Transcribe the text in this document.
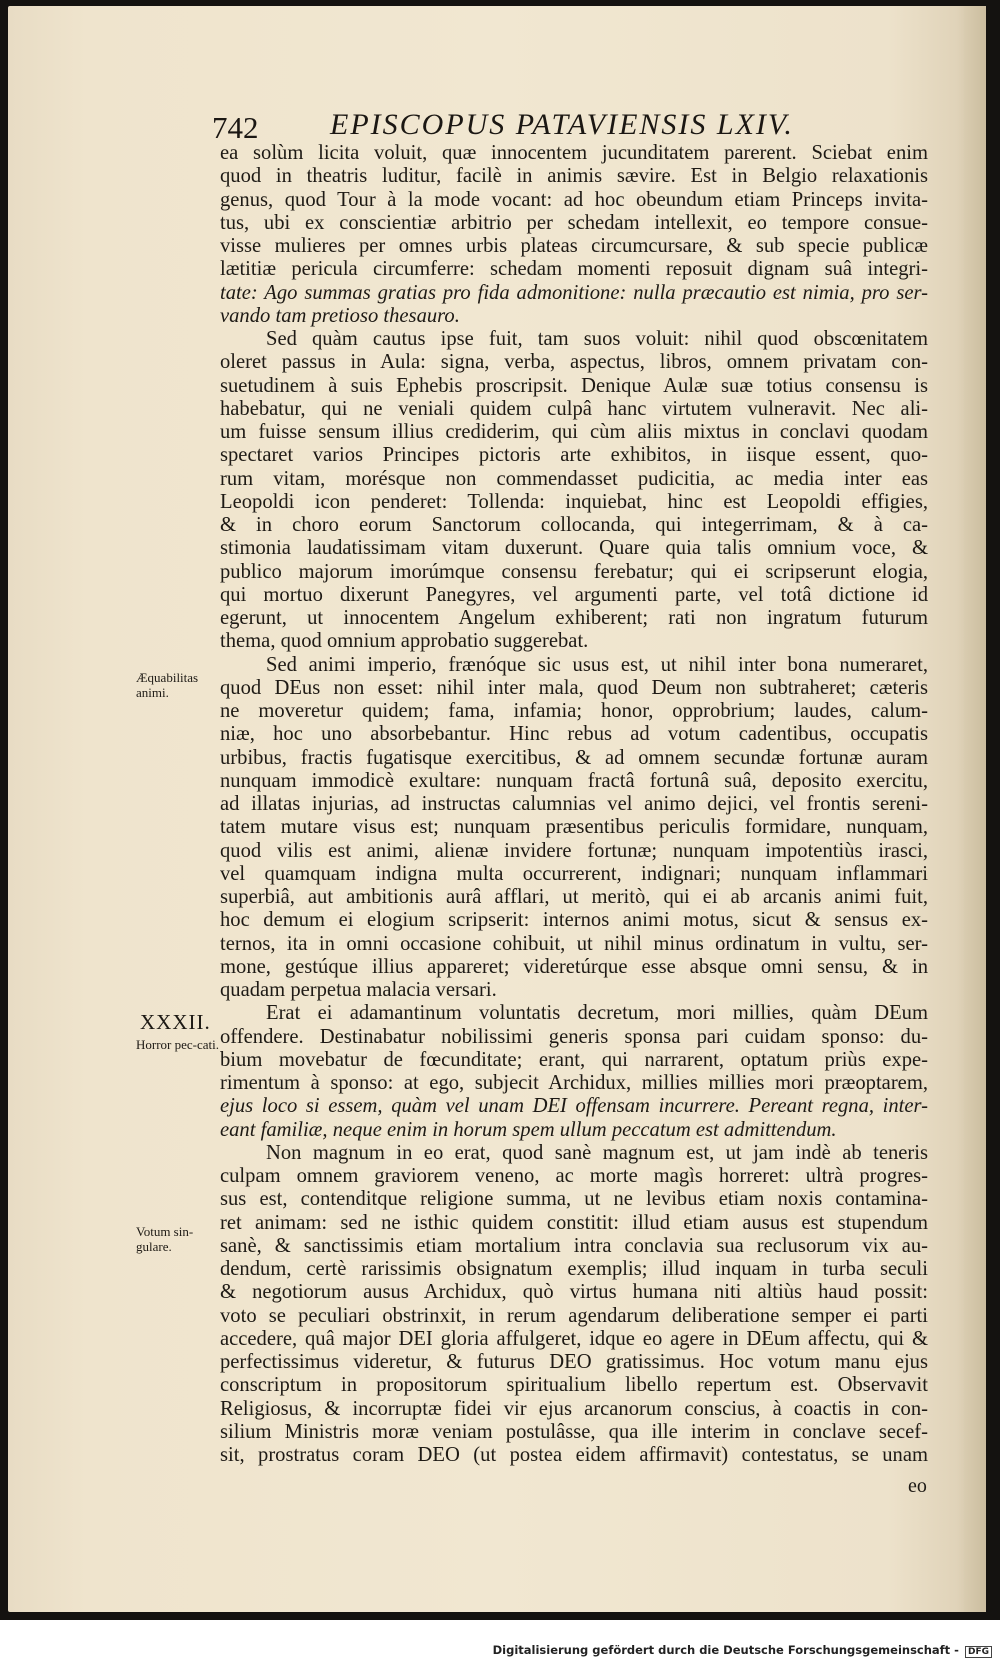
742 EPISCOPUS PATAVIENSIS LXIV.
Æquabilitas animi.
XXXII.
Horror pec-cati.
Votum sin-gulare.
ea solùm licita voluit, quæ innocentem jucunditatem parerent. Sciebat enim
quod in theatris luditur, facilè in animis sævire. Est in Belgio relaxationis
genus, quod Tour à la mode vocant: ad hoc obeundum etiam Princeps invita-
tus, ubi ex conscientiæ arbitrio per schedam intellexit, eo tempore consue-
visse mulieres per omnes urbis plateas circumcursare, & sub specie publicæ
lætitiæ pericula circumferre: schedam momenti reposuit dignam suâ integri-
tate: Ago summas gratias pro fida admonitione: nulla præcautio est nimia, pro ser-
vando tam pretioso thesauro.
Sed quàm cautus ipse fuit, tam suos voluit: nihil quod obscœnitatem
oleret passus in Aula: signa, verba, aspectus, libros, omnem privatam con-
suetudinem à suis Ephebis proscripsit. Denique Aulæ suæ totius consensu is
habebatur, qui ne veniali quidem culpâ hanc virtutem vulneravit. Nec ali-
um fuisse sensum illius crediderim, qui cùm aliis mixtus in conclavi quodam
spectaret varios Principes pictoris arte exhibitos, in iisque essent, quo-
rum vitam, morésque non commendasset pudicitia, ac media inter eas
Leopoldi icon penderet: Tollenda: inquiebat, hinc est Leopoldi effigies,
& in choro eorum Sanctorum collocanda, qui integerrimam, & à ca-
stimonia laudatissimam vitam duxerunt. Quare quia talis omnium voce, &
publico majorum imorúmque consensu ferebatur; qui ei scripserunt elogia,
qui mortuo dixerunt Panegyres, vel argumenti parte, vel totâ dictione id
egerunt, ut innocentem Angelum exhiberent; rati non ingratum futurum
thema, quod omnium approbatio suggerebat.
Sed animi imperio, frænóque sic usus est, ut nihil inter bona numeraret,
quod DEus non esset: nihil inter mala, quod Deum non subtraheret; cæteris
ne moveretur quidem; fama, infamia; honor, opprobrium; laudes, calum-
niæ, hoc uno absorbebantur. Hinc rebus ad votum cadentibus, occupatis
urbibus, fractis fugatisque exercitibus, & ad omnem secundæ fortunæ auram
nunquam immodicè exultare: nunquam fractâ fortunâ suâ, deposito exercitu,
ad illatas injurias, ad instructas calumnias vel animo dejici, vel frontis sereni-
tatem mutare visus est; nunquam præsentibus periculis formidare, nunquam,
quod vilis est animi, alienæ invidere fortunæ; nunquam impotentiùs irasci,
vel quamquam indigna multa occurrerent, indignari; nunquam inflammari
superbiâ, aut ambitionis aurâ afflari, ut meritò, qui ei ab arcanis animi fuit,
hoc demum ei elogium scripserit: internos animi motus, sicut & sensus ex-
ternos, ita in omni occasione cohibuit, ut nihil minus ordinatum in vultu, ser-
mone, gestúque illius appareret; videretúrque esse absque omni sensu, & in
quadam perpetua malacia versari.
Erat ei adamantinum voluntatis decretum, mori millies, quàm DEum
offendere. Destinabatur nobilissimi generis sponsa pari cuidam sponso: du-
bium movebatur de fœcunditate; erant, qui narrarent, optatum priùs expe-
rimentum à sponso: at ego, subjecit Archidux, millies millies mori præoptarem,
ejus loco si essem, quàm vel unam DEI offensam incurrere. Pereant regna, inter-
eant familiæ, neque enim in horum spem ullum peccatum est admittendum.
Non magnum in eo erat, quod sanè magnum est, ut jam indè ab teneris
culpam omnem graviorem veneno, ac morte magìs horreret: ultrà progres-
sus est, contenditque religione summa, ut ne levibus etiam noxis contamina-
ret animam: sed ne isthic quidem constitit: illud etiam ausus est stupendum
sanè, & sanctissimis etiam mortalium intra conclavia sua reclusorum vix au-
dendum, certè rarissimis obsignatum exemplis; illud inquam in turba seculi
& negotiorum ausus Archidux, quò virtus humana niti altiùs haud possit:
voto se peculiari obstrinxit, in rerum agendarum deliberatione semper ei parti
accedere, quâ major DEI gloria affulgeret, idque eo agere in DEum affectu, qui &
perfectissimus videretur, & futurus DEO gratissimus. Hoc votum manu ejus
conscriptum in propositorum spiritualium libello repertum est. Observavit
Religiosus, & incorruptæ fidei vir ejus arcanorum conscius, à coactis in con-
silium Ministris moræ veniam postulâsse, qua ille interim in conclave secef-
sit, prostratus coram DEO (ut postea eidem affirmavit) contestatus, se unam
eo
Digitalisierung gefördert durch die Deutsche Forschungsgemeinschaft - DFG
